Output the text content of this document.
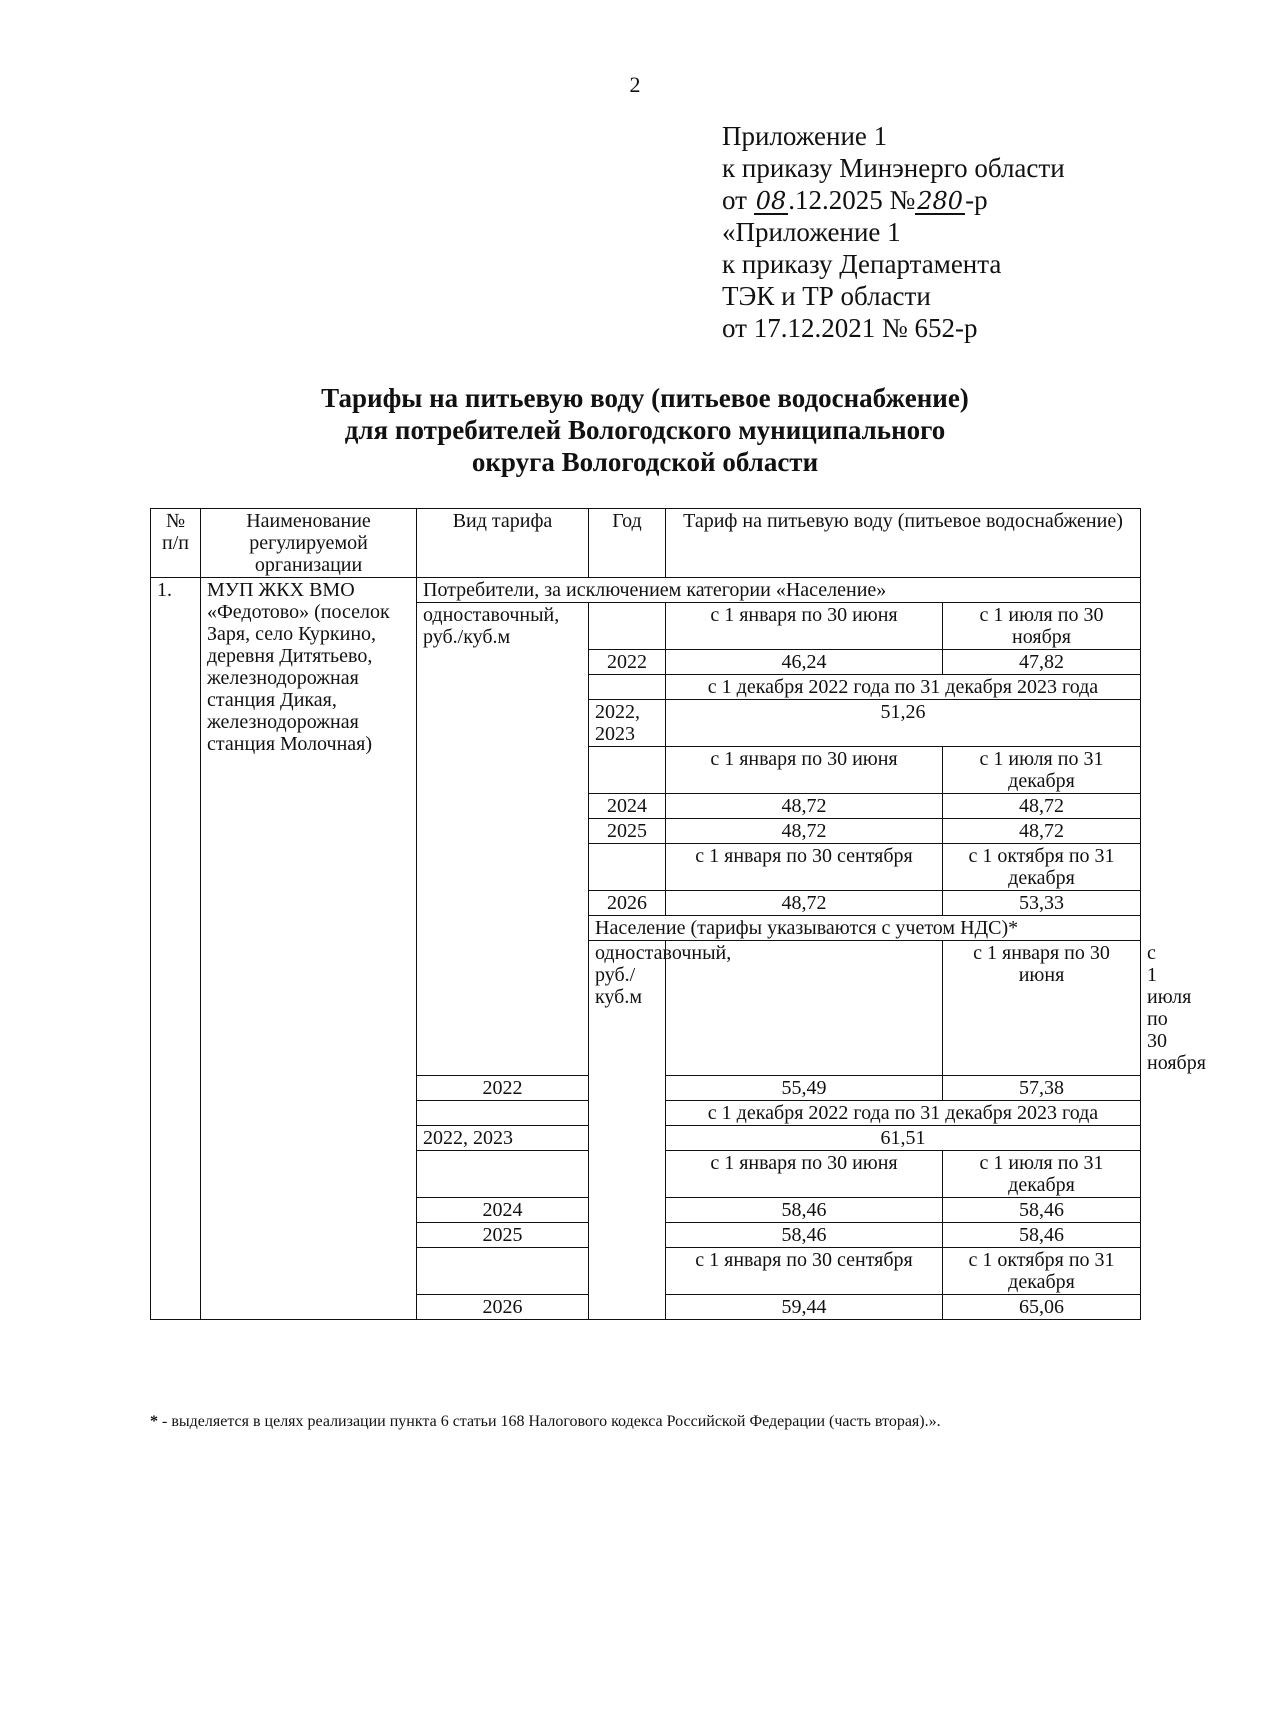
2
Приложение 1
к приказу Минэнерго области
от 08.12.2025 №280-р
«Приложение 1
к приказу Департамента
ТЭК и ТР области
от 17.12.2021 № 652-р
Тарифы на питьевую воду (питьевое водоснабжение)
для потребителей Вологодского муниципального
округа Вологодской области
№ п/п	Наименование регулируемой организации	Вид тарифа	Год	Тариф на питьевую воду (питьевое водоснабжение)		
1.	МУП ЖКХ ВМО «Федотово» (поселок Заря, село Куркино, деревня Дитятьево, железнодорожная станция Дикая, железнодорожная станция Молочная)	Потребители, за исключением категории «Население»				
		одноставочный, руб./куб.м		с 1 января по 30 июня	с 1 июля по 30 ноября	
			2022	46,24	47,82	
				с 1 декабря 2022 года по 31 декабря 2023 года		
			2022, 2023	51,26		
				с 1 января по 30 июня	с 1 июля по 31 декабря	
			2024	48,72	48,72	
			2025	48,72	48,72	
				с 1 января по 30 сентября	с 1 октября по 31 декабря	
			2026	48,72	53,33	
			Население (тарифы указываются с учетом НДС)*			
			одноставочный, руб./куб.м		с 1 января по 30 июня	с 1 июля по 30 ноября
		2022		55,49	57,38	
				с 1 декабря 2022 года по 31 декабря 2023 года		
		2022, 2023		61,51		
				с 1 января по 30 июня	с 1 июля по 31 декабря	
		2024		58,46	58,46	
		2025		58,46	58,46	
				с 1 января по 30 сентября	с 1 октября по 31 декабря	
		2026		59,44	65,06	
* - выделяется в целях реализации пункта 6 статьи 168 Налогового кодекса Российской Федерации (часть вторая).».
